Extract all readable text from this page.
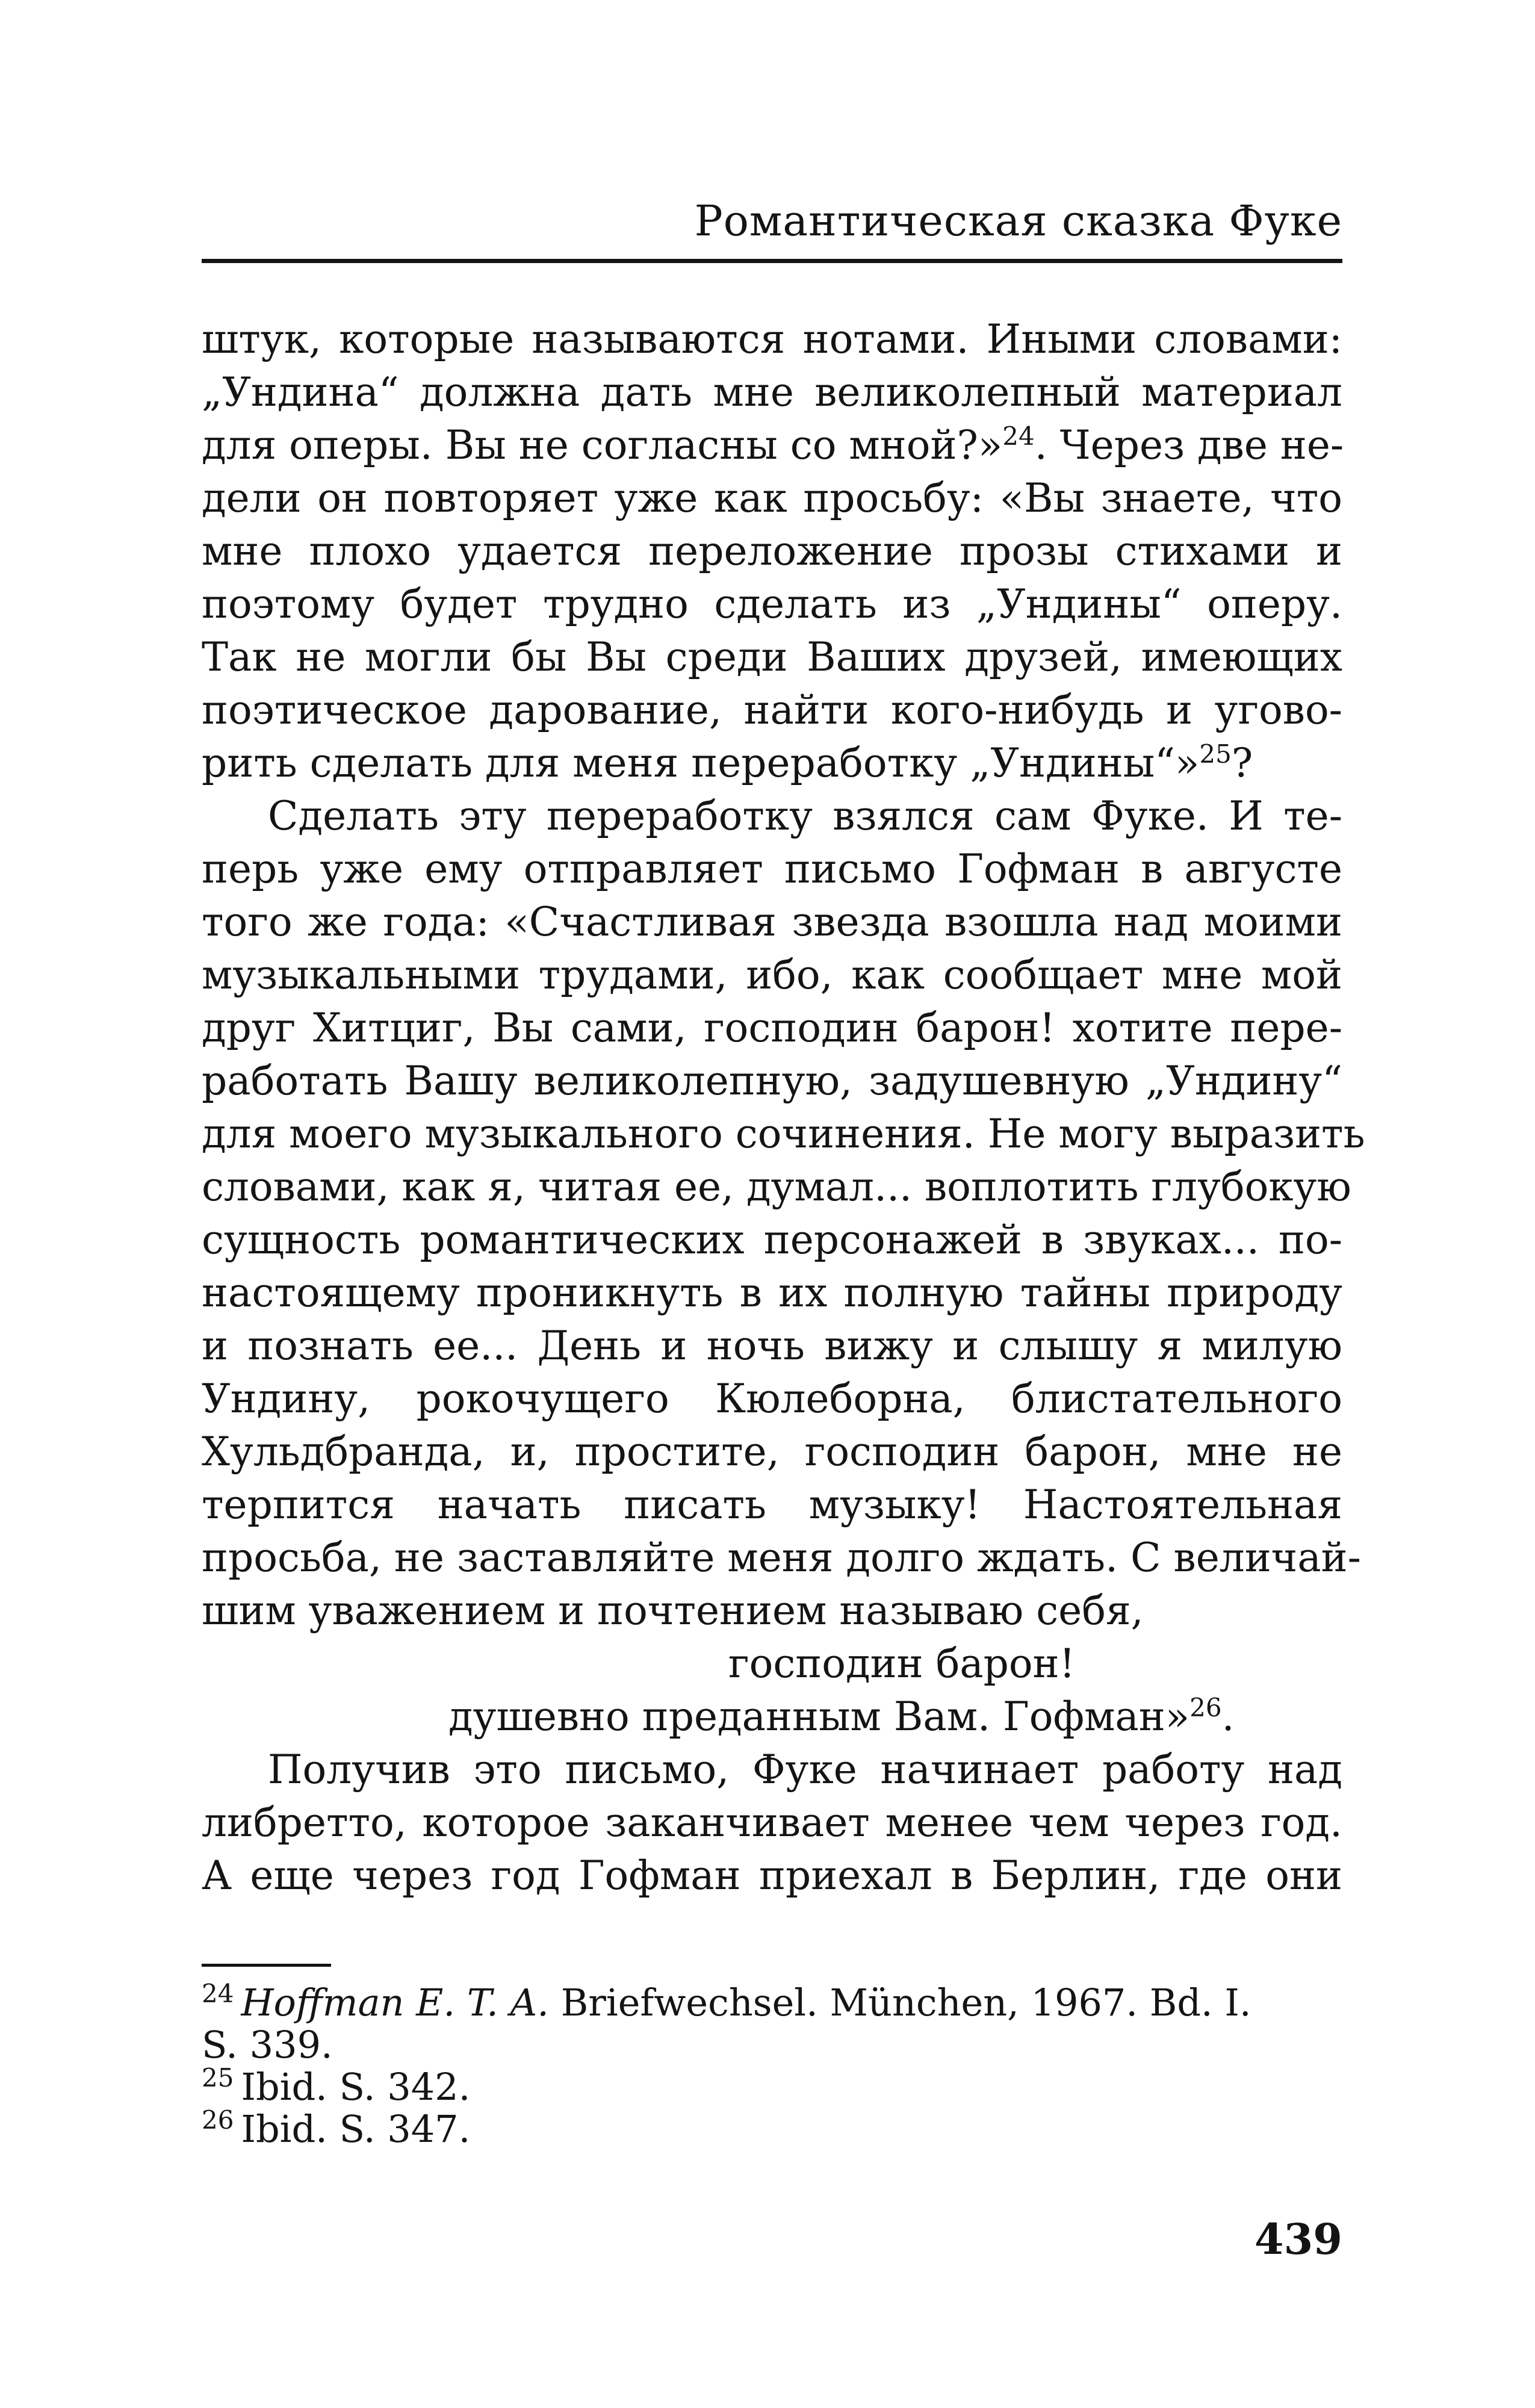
Романтическая сказка Фуке

штук, которые называются нотами. Иными словами:
„Ундина“ должна дать мне великолепный материал
для оперы. Вы не согласны со мной?»$^{24}$. Через две не-
дели он повторяет уже как просьбу: «Вы знаете, что
мне плохо удается переложение прозы стихами и
поэтому будет трудно сделать из „Ундины“ оперу.
Так не могли бы Вы среди Ваших друзей, имеющих
поэтическое дарование, найти кого-нибудь и угово-
рить сделать для меня переработку „Ундины“»$^{25}$?

Сделать эту переработку взялся сам Фуке. И те-
перь уже ему отправляет письмо Гофман в августе
того же года: «Счастливая звезда взошла над моими
музыкальными трудами, ибо, как сообщает мне мой
друг Хитциг, Вы сами, господин барон! хотите пере-
работать Вашу великолепную, задушевную „Ундину“
для моего музыкального сочинения. Не могу выразить
словами, как я, читая ее, думал... воплотить глубокую
сущность романтических персонажей в звуках... по-
настоящему проникнуть в их полную тайны природу
и познать ее... День и ночь вижу и слышу я милую
Ундину, рокочущего Кюлеборна, блистательного
Хульдбранда, и, простите, господин барон, мне не
терпится начать писать музыку! Настоятельная
просьба, не заставляйте меня долго ждать. С величай-
шим уважением и почтением называю себя,
господин барон!
душевно преданным Вам. Гофман»$^{26}$.

Получив это письмо, Фуке начинает работу над
либретто, которое заканчивает менее чем через год.
А еще через год Гофман приехал в Берлин, где они

$^{24}$ Hoffman E. T. A. Briefwechsel. München, 1967. Bd. I.
S. 339.
$^{25}$ Ibid. S. 342.
$^{26}$ Ibid. S. 347.
439
